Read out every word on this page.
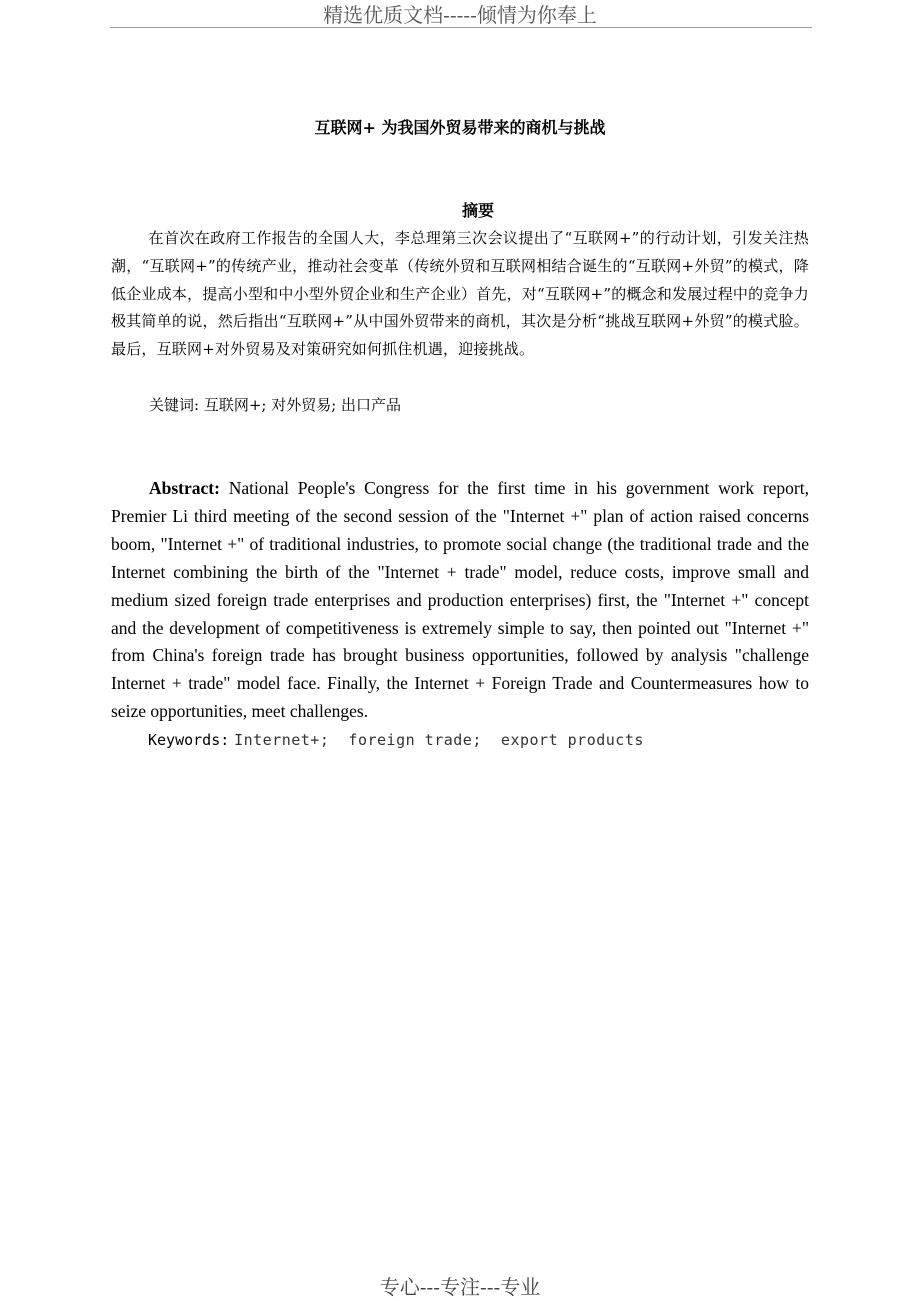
精选优质文档-----倾情为你奉上
互联网+ 为我国外贸易带来的商机与挑战
摘要

在首次在政府工作报告的全国人大，李总理第三次会议提出了“互联网+”的行动计划，引发关注热潮，“互联网+”的传统产业，推动社会变革（传统外贸和互联网相结合诞生的“互联网+外贸”的模式，降低企业成本，提高小型和中小型外贸企业和生产企业）首先，对“互联网+”的概念和发展过程中的竞争力极其简单的说，然后指出“互联网+”从中国外贸带来的商机，其次是分析“挑战互联网+外贸”的模式脸。最后，互联网+对外贸易及对策研究如何抓住机遇，迎接挑战。

关键词: 互联网+; 对外贸易; 出口产品

Abstract: National People's Congress for the first time in his government work report, Premier Li third meeting of the second session of the "Internet +" plan of action raised concerns boom, "Internet +" of traditional industries, to promote social change (the traditional trade and the Internet combining the birth of the "Internet + trade" model, reduce costs, improve small and medium sized foreign trade enterprises and production enterprises) first, the "Internet +" concept and the development of competitiveness is extremely simple to say, then pointed out "Internet +" from China's foreign trade has brought business opportunities, followed by analysis "challenge Internet + trade" model face. Finally, the Internet + Foreign Trade and Countermeasures how to seize opportunities, meet challenges.

Keywords: Internet+;  foreign trade;  export products

专心---专注---专业
